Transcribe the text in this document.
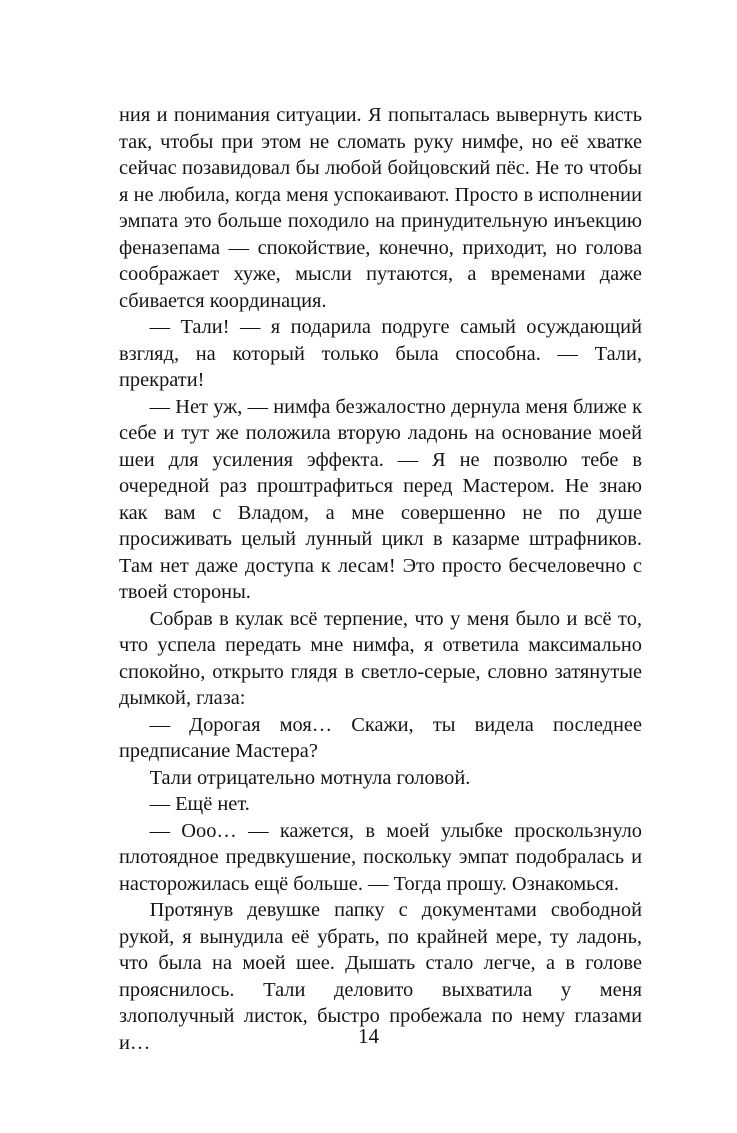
ния и понимания ситуации. Я попыталась вывернуть кисть так, чтобы при этом не сломать руку нимфе, но её хватке сейчас позавидовал бы любой бойцовский пёс. Не то чтобы я не любила, когда меня успокаивают. Просто в исполнении эмпата это больше походило на принудительную инъекцию феназепама — спокойствие, конечно, приходит, но голова соображает хуже, мысли путаются, а временами даже сбивается координация.

— Тали! — я подарила подруге самый осуждающий взгляд, на который только была способна. — Тали, прекрати!

— Нет уж, — нимфа безжалостно дернула меня ближе к себе и тут же положила вторую ладонь на основание моей шеи для усиления эффекта. — Я не позволю тебе в очередной раз проштрафиться перед Мастером. Не знаю как вам с Владом, а мне совершенно не по душе просиживать целый лунный цикл в казарме штрафников. Там нет даже доступа к лесам! Это просто бесчеловечно с твоей стороны.

Собрав в кулак всё терпение, что у меня было и всё то, что успела передать мне нимфа, я ответила максимально спокойно, открыто глядя в светло-серые, словно затянутые дымкой, глаза:

— Дорогая моя… Скажи, ты видела последнее предписание Мастера?

Тали отрицательно мотнула головой.

— Ещё нет.

— Ооо… — кажется, в моей улыбке проскользнуло плотоядное предвкушение, поскольку эмпат подобралась и насторожилась ещё больше. — Тогда прошу. Ознакомься.

Протянув девушке папку с документами свободной рукой, я вынудила её убрать, по крайней мере, ту ладонь, что была на моей шее. Дышать стало легче, а в голове прояснилось. Тали деловито выхватила у меня злополучный листок, быстро пробежала по нему глазами и…	14
